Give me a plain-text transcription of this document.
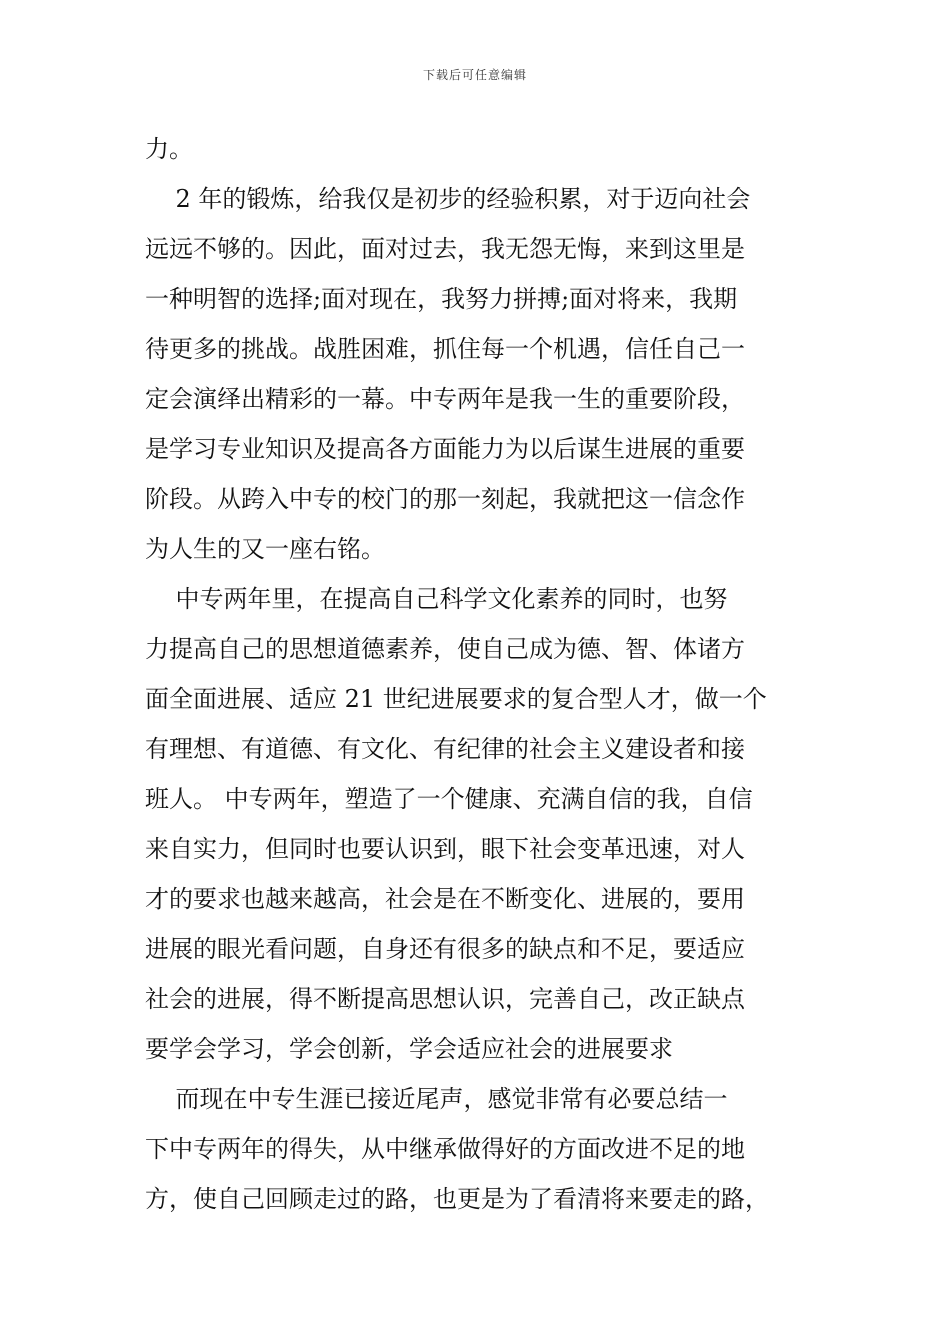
下载后可任意编辑
力。
2 年的锻炼，给我仅是初步的经验积累，对于迈向社会
远远不够的。因此，面对过去，我无怨无悔，来到这里是
一种明智的选择;面对现在，我努力拼搏;面对将来，我期
待更多的挑战。战胜困难，抓住每一个机遇，信任自己一
定会演绎出精彩的一幕。中专两年是我一生的重要阶段，
是学习专业知识及提高各方面能力为以后谋生进展的重要
阶段。从跨入中专的校门的那一刻起，我就把这一信念作
为人生的又一座右铭。
中专两年里，在提高自己科学文化素养的同时，也努
力提高自己的思想道德素养，使自己成为德、智、体诸方
面全面进展、适应 21 世纪进展要求的复合型人才，做一个
有理想、有道德、有文化、有纪律的社会主义建设者和接
班人。 中专两年，塑造了一个健康、充满自信的我，自信
来自实力，但同时也要认识到，眼下社会变革迅速，对人
才的要求也越来越高，社会是在不断变化、进展的，要用
进展的眼光看问题，自身还有很多的缺点和不足，要适应
社会的进展，得不断提高思想认识，完善自己，改正缺点
要学会学习，学会创新，学会适应社会的进展要求
而现在中专生涯已接近尾声，感觉非常有必要总结一
下中专两年的得失，从中继承做得好的方面改进不足的地
方，使自己回顾走过的路，也更是为了看清将来要走的路，
